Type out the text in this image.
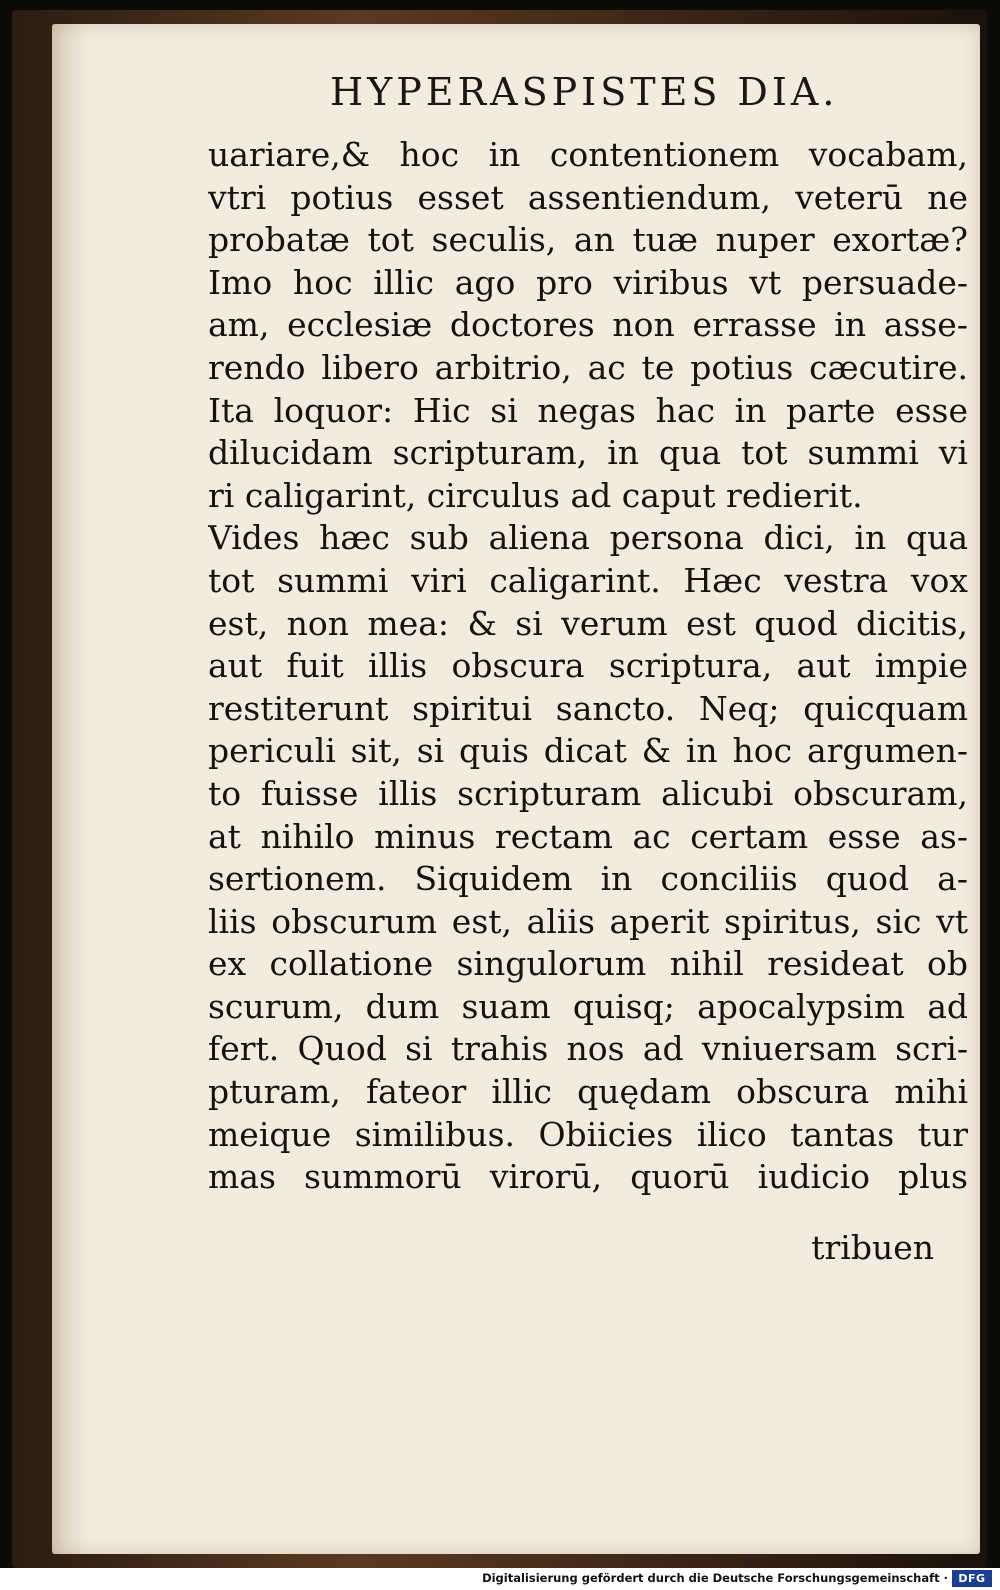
HYPERASPISTES DIA.
uariare,& hoc in contentionem vocabam,
vtri potius esset assentiendum, veterū ne
probatæ tot seculis, an tuæ nuper exortæ?
Imo hoc illic ago pro viribus vt persuade-
am, ecclesiæ doctores non errasse in asse-
rendo libero arbitrio, ac te potius cæcutire.
Ita loquor: Hic si negas hac in parte esse
dilucidam scripturam, in qua tot summi vi
ri caligarint, circulus ad caput redierit.
Vides hæc sub aliena persona dici, in qua
tot summi viri caligarint. Hæc vestra vox
est, non mea: & si verum est quod dicitis,
aut fuit illis obscura scriptura, aut impie
restiterunt spiritui sancto. Neq; quicquam
periculi sit, si quis dicat & in hoc argumen-
to fuisse illis scripturam alicubi obscuram,
at nihilo minus rectam ac certam esse as-
sertionem. Siquidem in conciliis quod a-
liis obscurum est, aliis aperit spiritus, sic vt
ex collatione singulorum nihil resideat ob
scurum, dum suam quisq; apocalypsim ad
fert. Quod si trahis nos ad vniuersam scri-
pturam, fateor illic quędam obscura mihi
meique similibus. Obiicies ilico tantas tur
mas summorū virorū, quorū iudicio plus
tribuen
Digitalisierung gefördert durch die Deutsche Forschungsgemeinschaft · DFG
